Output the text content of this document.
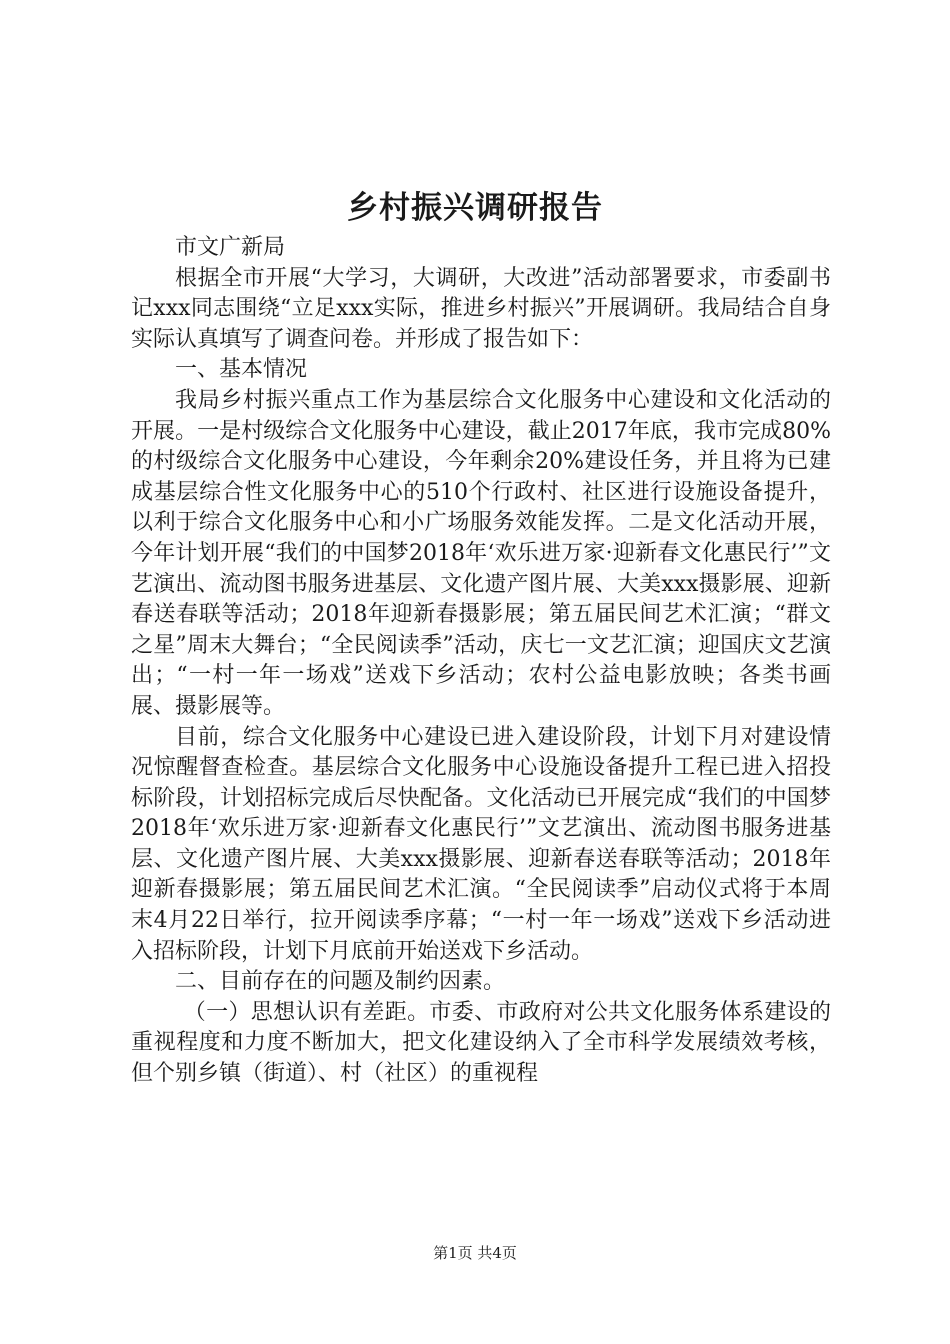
乡村振兴调研报告

市文广新局

根据全市开展“大学习，大调研，大改进”活动部署要求，市委副书记xxx同志围绕“立足xxx实际，推进乡村振兴”开展调研。我局结合自身实际认真填写了调查问卷。并形成了报告如下：

一、基本情况

我局乡村振兴重点工作为基层综合文化服务中心建设和文化活动的开展。一是村级综合文化服务中心建设，截止2017年底，我市完成80%的村级综合文化服务中心建设，今年剩余20%建设任务，并且将为已建成基层综合性文化服务中心的510个行政村、社区进行设施设备提升，以利于综合文化服务中心和小广场服务效能发挥。二是文化活动开展，今年计划开展“我们的中国梦2018年‘欢乐进万家·迎新春文化惠民行’”文艺演出、流动图书服务进基层、文化遗产图片展、大美xxx摄影展、迎新春送春联等活动；2018年迎新春摄影展；第五届民间艺术汇演；“群文之星”周末大舞台；“全民阅读季”活动，庆七一文艺汇演；迎国庆文艺演出；“一村一年一场戏”送戏下乡活动；农村公益电影放映；各类书画展、摄影展等。

目前，综合文化服务中心建设已进入建设阶段，计划下月对建设情况惊醒督查检查。基层综合文化服务中心设施设备提升工程已进入招投标阶段，计划招标完成后尽快配备。文化活动已开展完成“我们的中国梦2018年‘欢乐进万家·迎新春文化惠民行’”文艺演出、流动图书服务进基层、文化遗产图片展、大美xxx摄影展、迎新春送春联等活动；2018年迎新春摄影展；第五届民间艺术汇演。“全民阅读季”启动仪式将于本周末4月22日举行，拉开阅读季序幕；“一村一年一场戏”送戏下乡活动进入招标阶段，计划下月底前开始送戏下乡活动。

二、目前存在的问题及制约因素。

（一）思想认识有差距。市委、市政府对公共文化服务体系建设的重视程度和力度不断加大，把文化建设纳入了全市科学发展绩效考核，但个别乡镇（街道）、村（社区）的重视程

第1页 共4页
